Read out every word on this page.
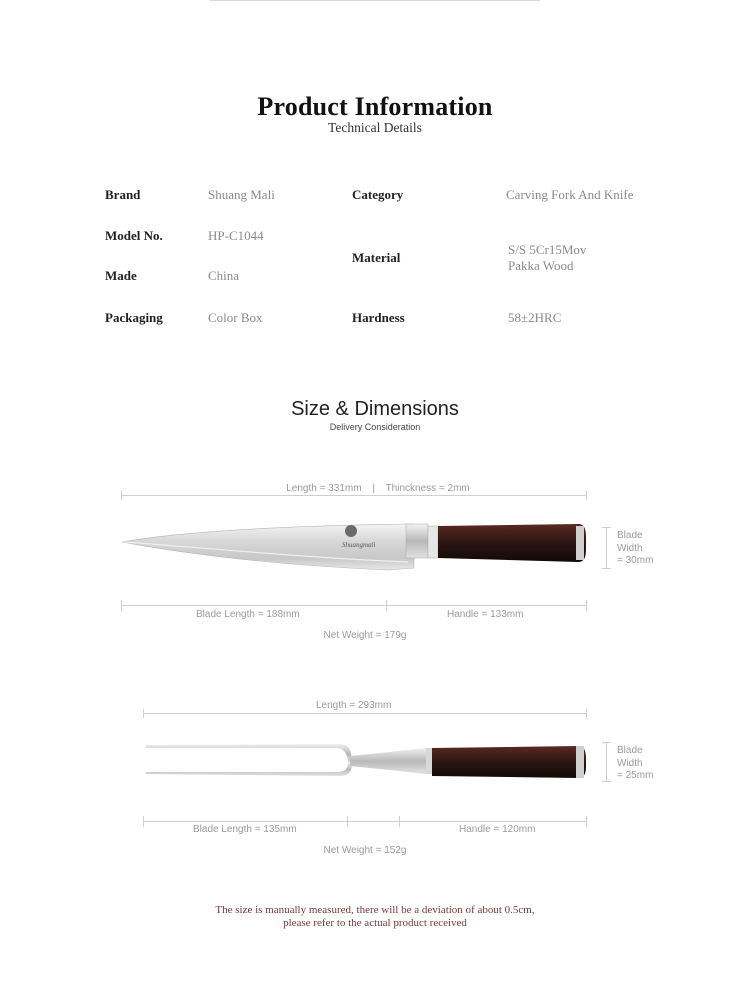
Product Information
Technical Details
Brand	Shuang Mali	Category	Carving Fork And Knife
Model No.	HP-C1044
Material
S/S 5Cr15Mov
Pakka Wood
Made	China
Packaging	Color Box	Hardness	58±2HRC
Size & Dimensions
Delivery Consideration
Length = 331mm | Thinckness = 2mm
Shuangmali
Blade
Width
= 30mm
Blade Length = 188mm	Handle = 133mm
Net Weight = 179g
Length = 293mm
Blade
Width
= 25mm
Blade Length = 135mm	Handle = 120mm
Net Weight = 152g
The size is manually measured, there will be a deviation of about 0.5cm,
please refer to the actual product received
